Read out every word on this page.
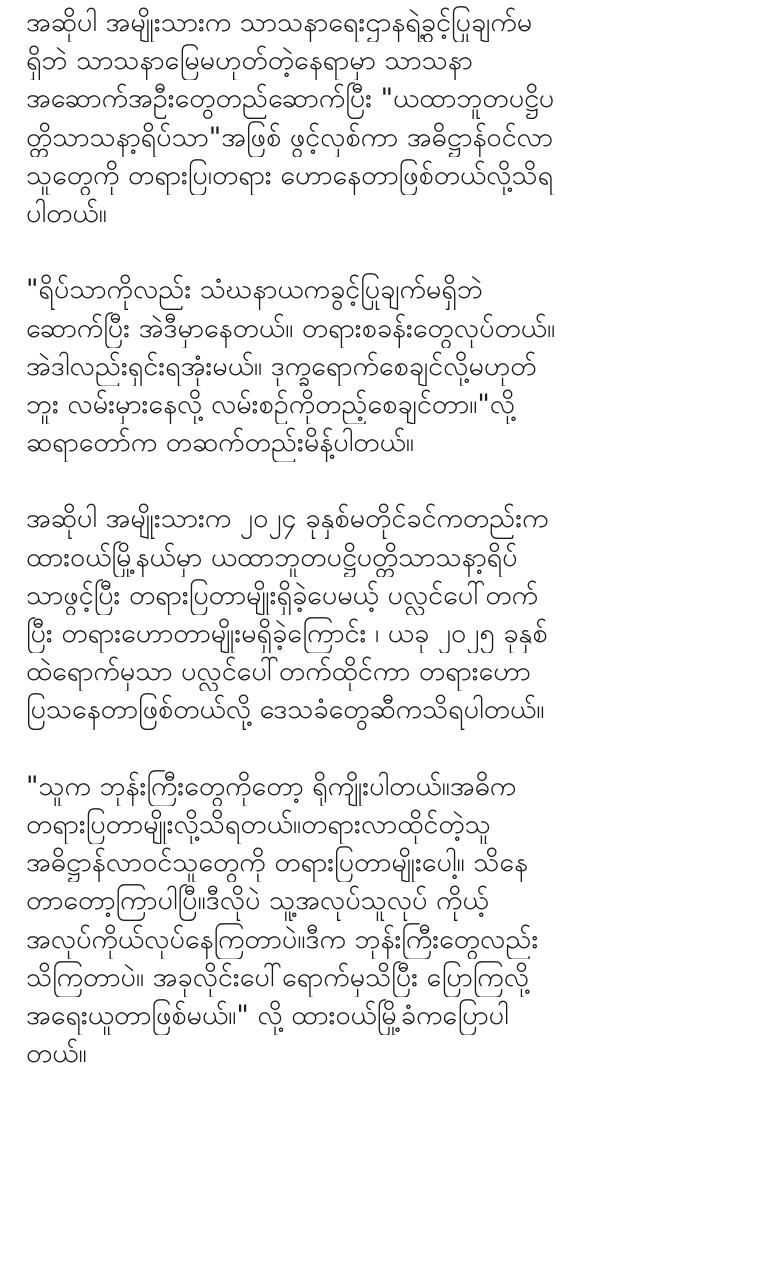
အဆိုပါ အမျိုးသားက သာသနာရေးဌာနရဲ့ခွင့်ပြုချက်မ
ရှိဘဲ သာသနာမြေမဟုတ်တဲ့နေရာမှာ သာသနာ
အဆောက်အဦးတွေတည်ဆောက်ပြီး "ယထာဘူတပဋ္ဌိပ
တ္တိသာသနာ့ရိပ်သာ"အဖြစ် ဖွင့်လှစ်ကာ အဓိဋ္ဌာန်ဝင်လာ
သူတွေကို တရားပြ၊တရား ဟောနေတာဖြစ်တယ်လို့သိရ
ပါတယ်။
"ရိပ်သာကိုလည်း သံဃနာယကခွင့်ပြုချက်မရှိဘဲ
ဆောက်ပြီး အဲဒီမှာနေတယ်။ တရားစခန်းတွေလုပ်တယ်။
အဲဒါလည်းရှင်းရအုံးမယ်။ ဒုက္ခရောက်စေချင်လို့မဟုတ်
ဘူး လမ်းမှားနေလို့ လမ်းစဥ်ကိုတည့်စေချင်တာ။"လို့
ဆရာတော်က တဆက်တည်းမိန့်ပါတယ်။
အဆိုပါ အမျိုးသားက ၂၀၂၄ ခုနှစ်မတိုင်ခင်ကတည်းက
ထားဝယ်မြို့နယ်မှာ ယထာဘူတပဋ္ဌိပတ္တိသာသနာ့ရိပ်
သာဖွင့်ပြီး တရားပြတာမျိုးရှိခဲ့ပေမယ့် ပလ္လင်ပေါ်တက်
ပြီး တရားဟောတာမျိုးမရှိခဲ့ကြောင်း ၊ ယခု ၂၀၂၅ ခုနှစ်
ထဲရောက်မှသာ ပလ္လင်ပေါ်တက်ထိုင်ကာ တရားဟော
ပြသနေတာဖြစ်တယ်လို့ ဒေသခံတွေဆီကသိရပါတယ်။
"သူက ဘုန်းကြီးတွေကိုတော့ ရိုကျိုးပါတယ်။အဓိက
တရားပြတာမျိုးလို့သိရတယ်။တရားလာထိုင်တဲ့သူ
အဓိဋ္ဌာန်လာဝင်သူတွေကို တရားပြတာမျိုးပေါ့။ သိနေ
တာတော့ကြာပါပြီ။ဒီလိုပဲ သူ့အလုပ်သူလုပ် ကိုယ့်
အလုပ်ကိုယ်လုပ်နေကြတာပဲ။ဒီက ဘုန်းကြီးတွေလည်း
သိကြတာပဲ။ အခုလိုင်းပေါ်ရောက်မှသိပြီး ပြောကြလို့
အရေးယူတာဖြစ်မယ်။" လို့ ထားဝယ်မြို့ခံကပြောပါ
တယ်။
